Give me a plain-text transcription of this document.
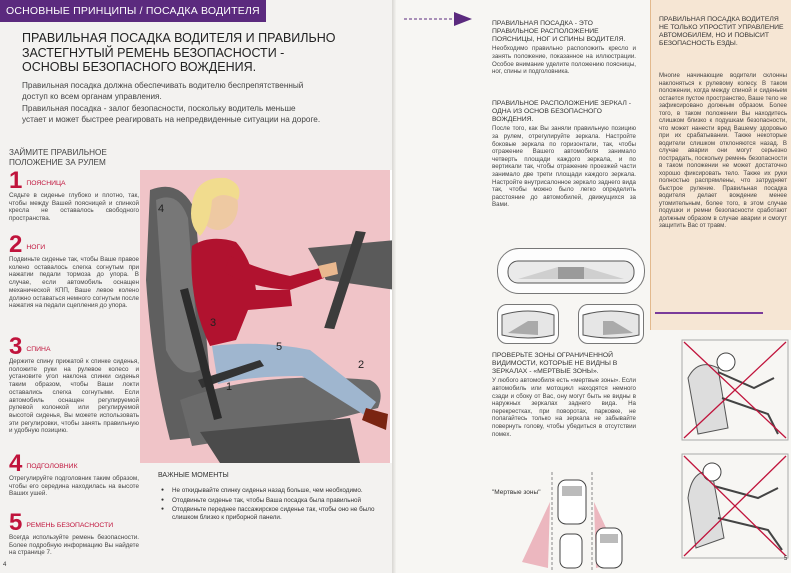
ОСНОВНЫЕ ПРИНЦИПЫ / ПОСАДКА ВОДИТЕЛЯ
ПРАВИЛЬНАЯ ПОСАДКА ВОДИТЕЛЯ И ПРАВИЛЬНО
ЗАСТЕГНУТЫЙ РЕМЕНЬ БЕЗОПАСНОСТИ -
ОСНОВЫ БЕЗОПАСНОГО ВОЖДЕНИЯ.

Правильная посадка должна обеспечивать водителю беспрепятственный доступ ко всем органам управления.

Правильная посадка - залог безопасности, поскольку водитель меньше устает и может быстрее реагировать на непредвиденные ситуации на дороге.

ЗАЙМИТЕ ПРАВИЛЬНОЕ ПОЛОЖЕНИЕ ЗА РУЛЕМ
1 ПОЯСНИЦА
Сядьте в сиденье глубоко и плотно, так, чтобы между Вашей поясницей и спинкой кресла не оставалось свободного пространства.
2 НОГИ
Подвиньте сиденье так, чтобы Ваше правое колено оставалось слегка согнутым при нажатии педали тормоза до упора. В случае, если автомобиль оснащен механической КПП, Ваше левое колено должно оставаться немного согнутым после нажатия на педали сцепления до упора.
3 СПИНА
Держите спину прижатой к спинке сиденья, положите руки на рулевое колесо и установите угол наклона спинки сиденья таким образом, чтобы Ваши локти оставались слегка согнутыми. Если автомобиль оснащен регулируемой рулевой колонкой или регулируемой высотой сиденья, Вы можете использовать эти регулировки, чтобы занять правильную и удобную позицию.
4 ПОДГОЛОВНИК
Отрегулируйте подголовник таким образом, чтобы его середина находилась на высоте Ваших ушей.
5 РЕМЕНЬ БЕЗОПАСНОСТИ
Всегда используйте ремень безопасности. Более подробную информацию Вы найдете на странице 7.
4
3
5
2
1
ВАЖНЫЕ МОМЕНТЫ
● Не откидывайте спинку сиденья назад больше, чем необходимо.
● Отодвиньте сиденье так, чтобы Ваша посадка была правильной
● Отодвиньте переднее пассажирское сиденье так, чтобы оно не было слишком близко к приборной панели.
4
ПРАВИЛЬНАЯ ПОСАДКА - ЭТО ПРАВИЛЬНОЕ РАСПОЛОЖЕНИЕ ПОЯСНИЦЫ, НОГ И СПИНЫ ВОДИТЕЛЯ.
Необходимо правильно расположить кресло и занять положение, показанное на иллюстрации. Особое внимание уделите положению поясницы, ног, спины и подголовника.
ПРАВИЛЬНОЕ РАСПОЛОЖЕНИЕ ЗЕРКАЛ - ОДНА ИЗ ОСНОВ БЕЗОПАСНОГО ВОЖДЕНИЯ.
После того, как Вы заняли правильную позицию за рулем, отрегулируйте зеркала. Настройте боковые зеркала по горизонтали, так, чтобы отражение Вашего автомобиля занимало четверть площади каждого зеркала, и по вертикали так, чтобы отражение проезжей части занимало две трети площади каждого зеркала. Настройте внутрисалонное зеркало заднего вида так, чтобы можно было легко определить расстояние до автомобилей, движущихся за Вами.
ПРОВЕРЬТЕ ЗОНЫ ОГРАНИЧЕННОЙ ВИДИМОСТИ, КОТОРЫЕ НЕ ВИДНЫ В ЗЕРКАЛАХ - «МЕРТВЫЕ ЗОНЫ».
У любого автомобиля есть «мертвые зоны». Если автомобиль или мотоцикл находятся немного сзади и сбоку от Вас, ону могут быть не видны в наружных зеркалах заднего вида. На перекрестках, при поворотах, парковке, не полагайтесь только на зеркала не забывайте повернуть голову, чтобы убедиться в отсутствии помех.
"Мертвые зоны"
ПРАВИЛЬНАЯ ПОСАДКА ВОДИТЕЛЯ НЕ ТОЛЬКО УПРОСТИТ УПРАВЛЕНИЕ АВТОМОБИЛЕМ, НО И ПОВЫСИТ БЕЗОПАСНОСТЬ ЕЗДЫ.
Многие начинающие водители склонны наклоняться к рулевому колесу. В таком положении, когда между спиной и сиденьем остается пустое пространство, Ваше тело не зафиксировано должным образом. Более того, в таком положении Вы находитесь слишком близко к подушкам безопасности, что может нанести вред Вашему здоровью при их срабатывании. Также некоторые водители слишком отклоняются назад. В случае аварии они могут серьезно пострадать, поскольку ремень безопасности в таком положении не может достаточно хорошо фиксировать тело. Также их руки полностью распрямлены, что затрудняет быстрое руление. Правильная посадка водителя делает вождение менее утомительным, более того, в этом случае подушки и ремни безопасности сработают должным образом в случае аварии и смогут защитить Вас от травм.
5
